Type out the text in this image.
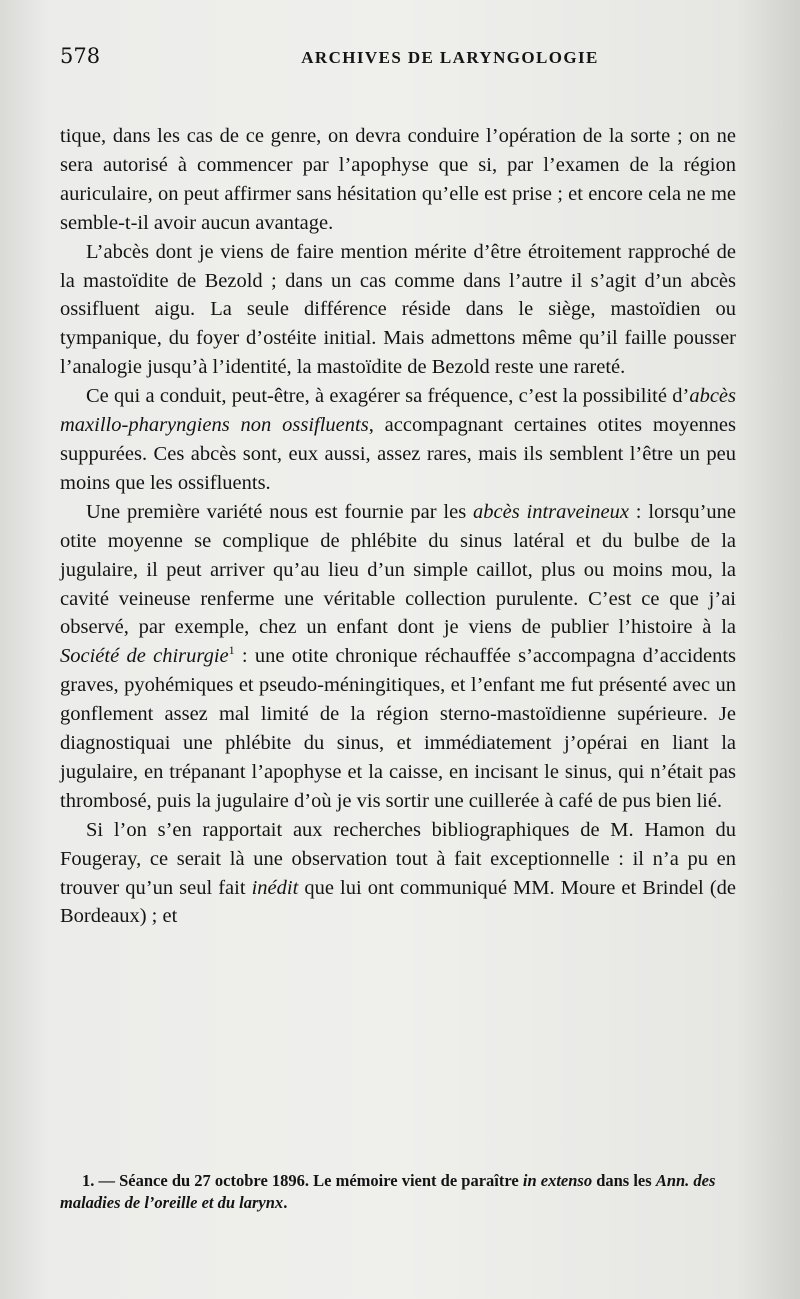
578	ARCHIVES DE LARYNGOLOGIE

tique, dans les cas de ce genre, on devra conduire l’opération de la sorte ; on ne sera autorisé à commencer par l’apophyse que si, par l’examen de la région auriculaire, on peut affirmer sans hésitation qu’elle est prise ; et encore cela ne me semble-t-il avoir aucun avantage.

L’abcès dont je viens de faire mention mérite d’être étroitement rapproché de la mastoïdite de Bezold ; dans un cas comme dans l’autre il s’agit d’un abcès ossifluent aigu. La seule différence réside dans le siège, mastoïdien ou tympanique, du foyer d’ostéite initial. Mais admettons même qu’il faille pousser l’analogie jusqu’à l’identité, la mastoïdite de Bezold reste une rareté.

Ce qui a conduit, peut-être, à exagérer sa fréquence, c’est la possibilité d’abcès maxillo-pharyngiens non ossifluents, accompagnant certaines otites moyennes suppurées. Ces abcès sont, eux aussi, assez rares, mais ils semblent l’être un peu moins que les ossifluents.

Une première variété nous est fournie par les abcès intraveineux : lorsqu’une otite moyenne se complique de phlébite du sinus latéral et du bulbe de la jugulaire, il peut arriver qu’au lieu d’un simple caillot, plus ou moins mou, la cavité veineuse renferme une véritable collection purulente. C’est ce que j’ai observé, par exemple, chez un enfant dont je viens de publier l’histoire à la Société de chirurgie$^1$ : une otite chronique réchauffée s’accompagna d’accidents graves, pyohémiques et pseudo-méningitiques, et l’enfant me fut présenté avec un gonflement assez mal limité de la région sterno-mastoïdienne supérieure. Je diagnostiquai une phlébite du sinus, et immédiatement j’opérai en liant la jugulaire, en trépanant l’apophyse et la caisse, en incisant le sinus, qui n’était pas thrombosé, puis la jugulaire d’où je vis sortir une cuillerée à café de pus bien lié.

Si l’on s’en rapportait aux recherches bibliographiques de M. Hamon du Fougeray, ce serait là une observation tout à fait exceptionnelle : il n’a pu en trouver qu’un seul fait inédit que lui ont communiqué MM. Moure et Brindel (de Bordeaux) ; et

1. — Séance du 27 octobre 1896. Le mémoire vient de paraître in extenso dans les Ann. des maladies de l’oreille et du larynx.
